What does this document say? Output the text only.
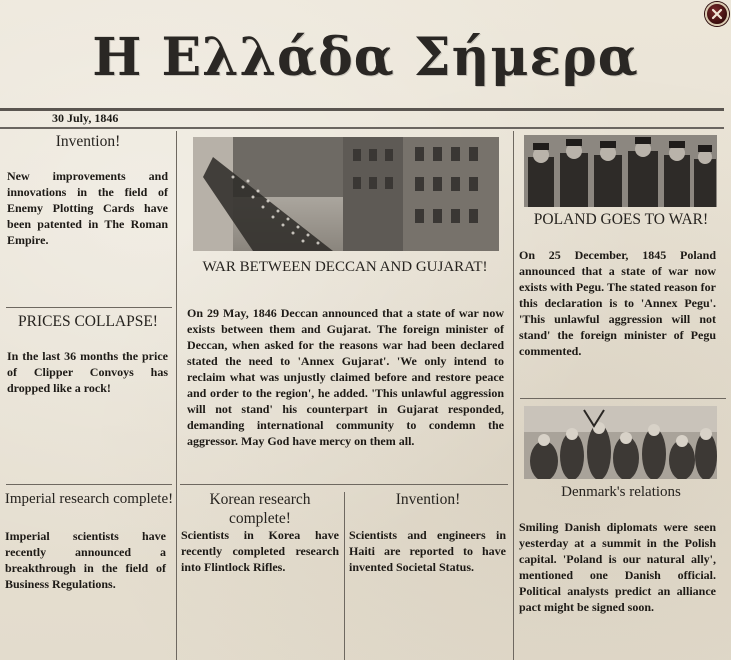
Η Ελλάδα Σήμερα
30 July, 1846
Invention!
New improvements and innovations in the field of Enemy Plotting Cards have been patented in The Roman Empire.
PRICES COLLAPSE!
In the last 36 months the price of Clipper Convoys has dropped like a rock!
Imperial research complete!
Imperial scientists have recently announced a breakthrough in the field of Business Regulations.
WAR BETWEEN DECCAN AND GUJARAT!
On 29 May, 1846 Deccan announced that a state of war now exists between them and Gujarat. The foreign minister of Deccan, when asked for the reasons war had been declared stated the need to 'Annex Gujarat'. 'We only intend to reclaim what was unjustly claimed before and restore peace and order to the region', he added. 'This unlawful aggression will not stand' his counterpart in Gujarat responded, demanding international community to condemn the aggressor. May God have mercy on them all.
Korean research complete!
Scientists in Korea have recently completed research into Flintlock Rifles.
Invention!
Scientists and engineers in Haiti are reported to have invented Societal Status.
POLAND GOES TO WAR!
On 25 December, 1845 Poland announced that a state of war now exists with Pegu. The stated reason for this declaration is to 'Annex Pegu'. 'This unlawful aggression will not stand' the foreign minister of Pegu commented.
Denmark's relations
Smiling Danish diplomats were seen yesterday at a summit in the Polish capital. 'Poland is our natural ally', mentioned one Danish official. Political analysts predict an alliance pact might be signed soon.
